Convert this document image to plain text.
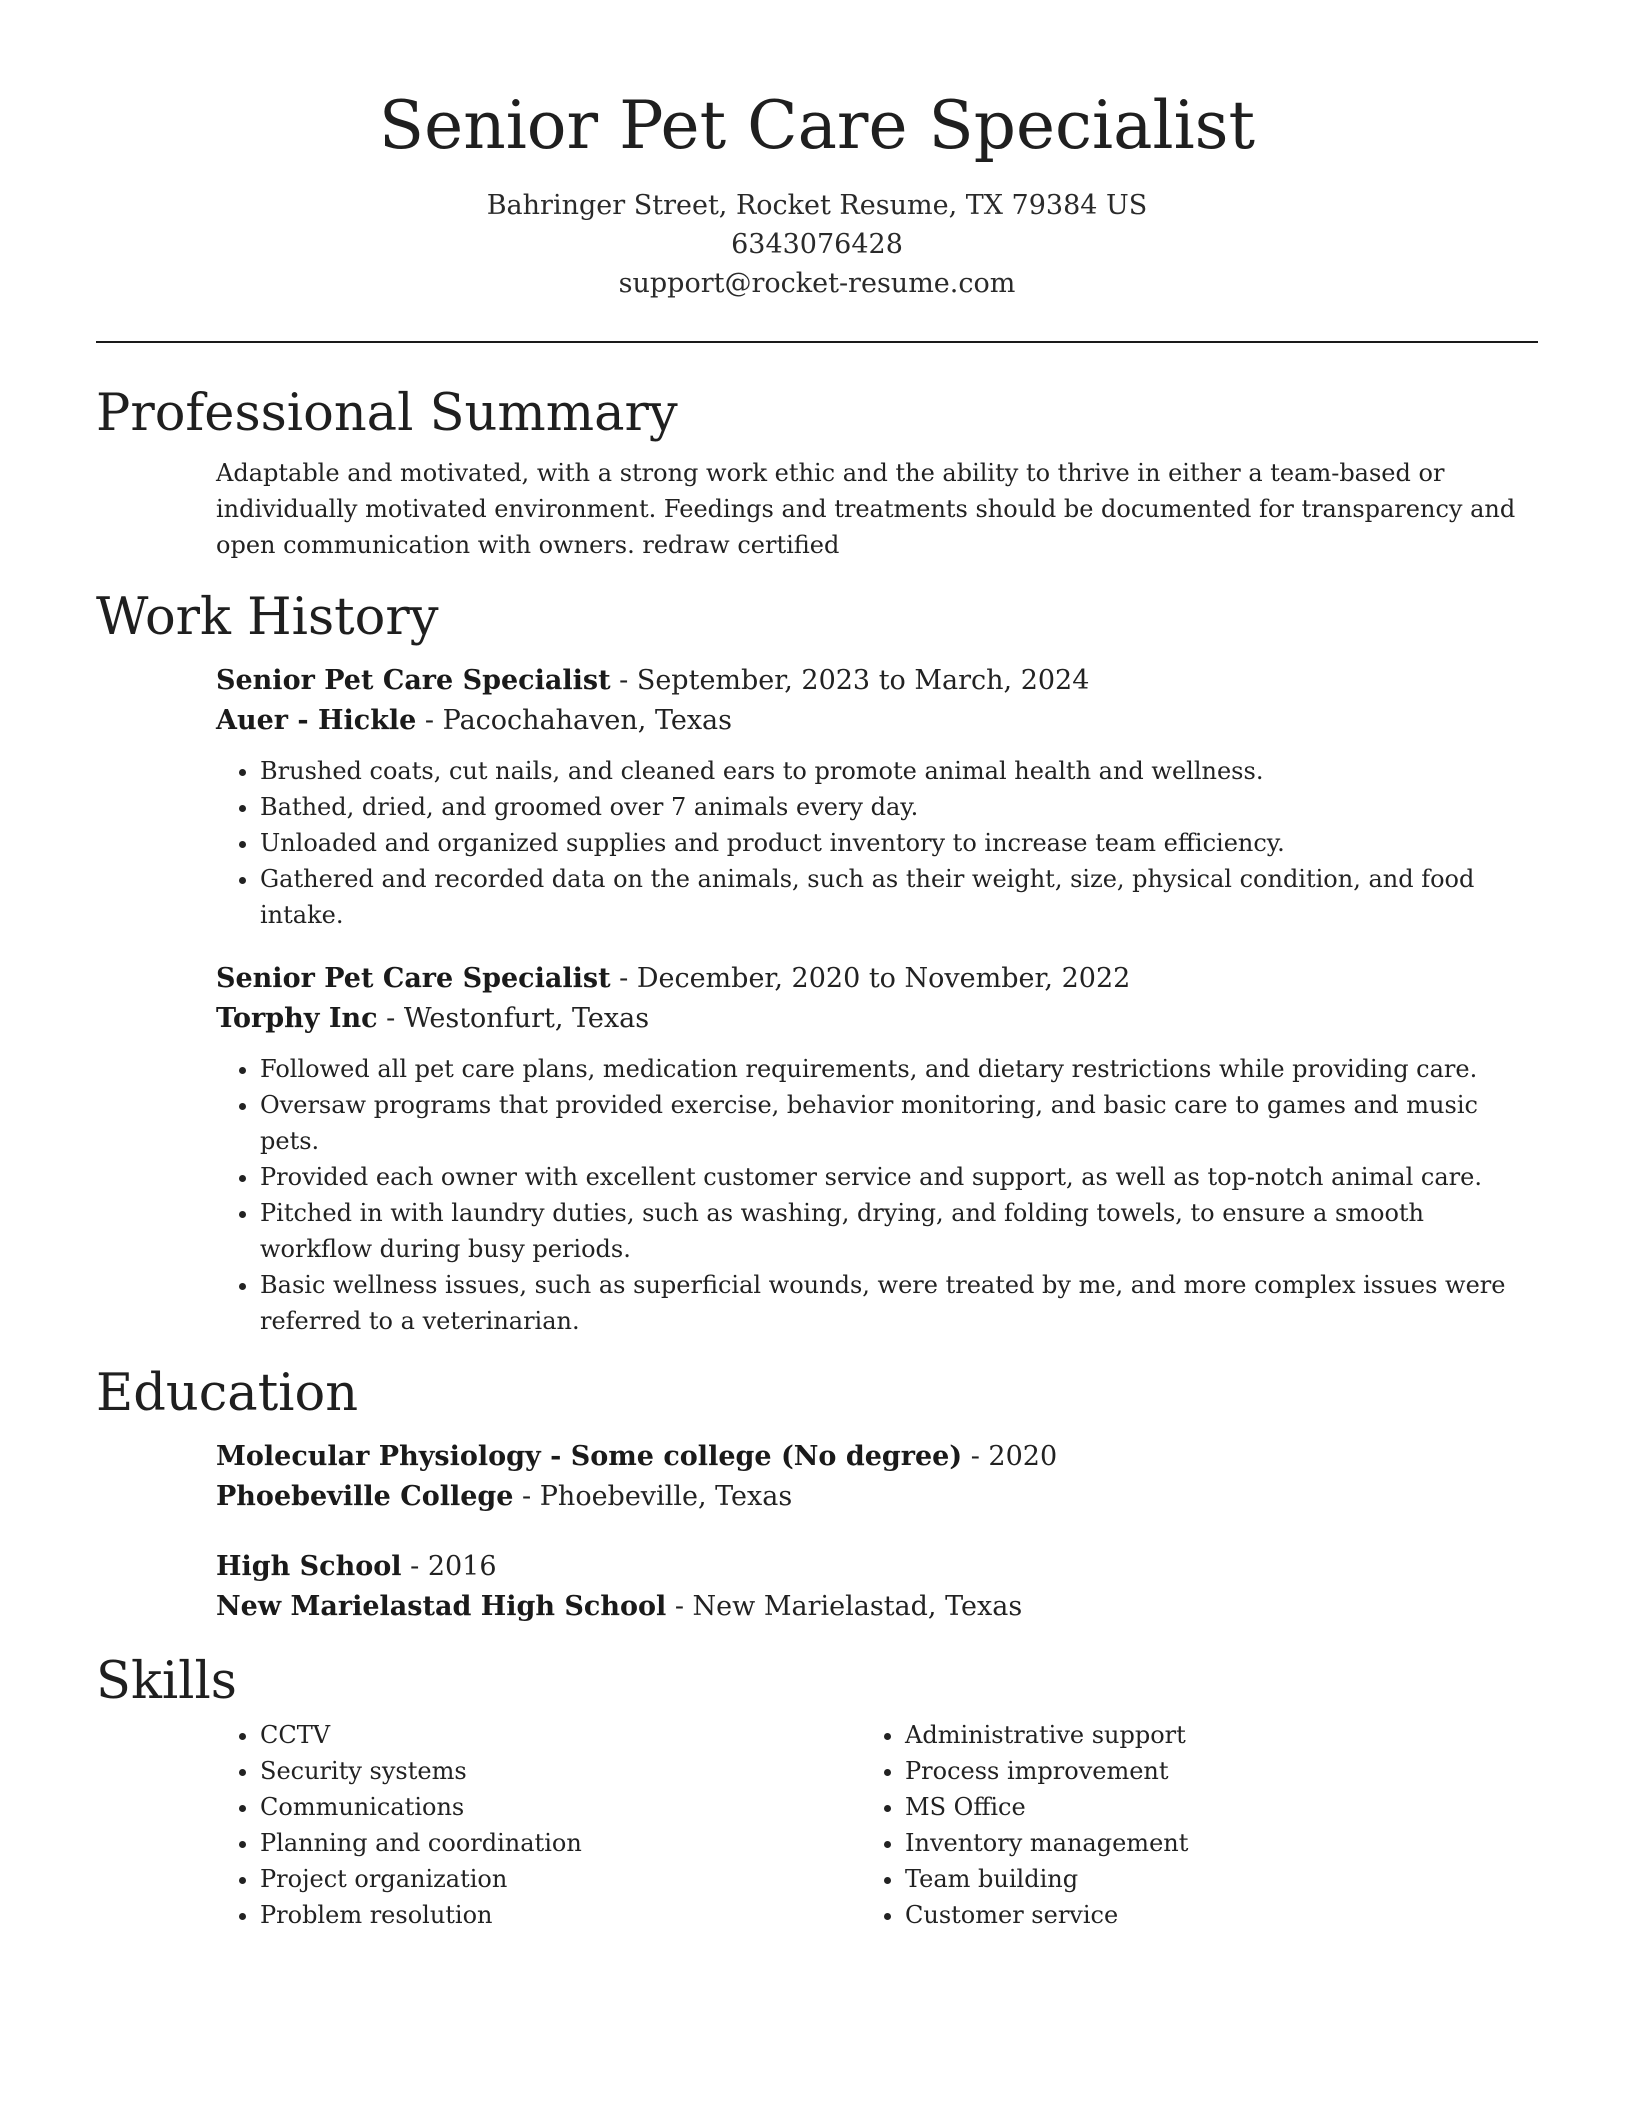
Senior Pet Care Specialist
Bahringer Street, Rocket Resume, TX 79384 US
6343076428
support@rocket-resume.com
Professional Summary
Adaptable and motivated, with a strong work ethic and the ability to thrive in either a team-based or individually motivated environment. Feedings and treatments should be documented for transparency and open communication with owners. redraw certified
Work History
Senior Pet Care Specialist - September, 2023 to March, 2024
Auer - Hickle - Pacochahaven, Texas
• Brushed coats, cut nails, and cleaned ears to promote animal health and wellness.
• Bathed, dried, and groomed over 7 animals every day.
• Unloaded and organized supplies and product inventory to increase team efficiency.
• Gathered and recorded data on the animals, such as their weight, size, physical condition, and food intake.
Senior Pet Care Specialist - December, 2020 to November, 2022
Torphy Inc - Westonfurt, Texas
• Followed all pet care plans, medication requirements, and dietary restrictions while providing care.
• Oversaw programs that provided exercise, behavior monitoring, and basic care to games and music pets.
• Provided each owner with excellent customer service and support, as well as top-notch animal care.
• Pitched in with laundry duties, such as washing, drying, and folding towels, to ensure a smooth workflow during busy periods.
• Basic wellness issues, such as superficial wounds, were treated by me, and more complex issues were referred to a veterinarian.
Education
Molecular Physiology - Some college (No degree) - 2020
Phoebeville College - Phoebeville, Texas
High School - 2016
New Marielastad High School - New Marielastad, Texas
Skills
• CCTV
• Security systems
• Communications
• Planning and coordination
• Project organization
• Problem resolution
• Administrative support
• Process improvement
• MS Office
• Inventory management
• Team building
• Customer service
